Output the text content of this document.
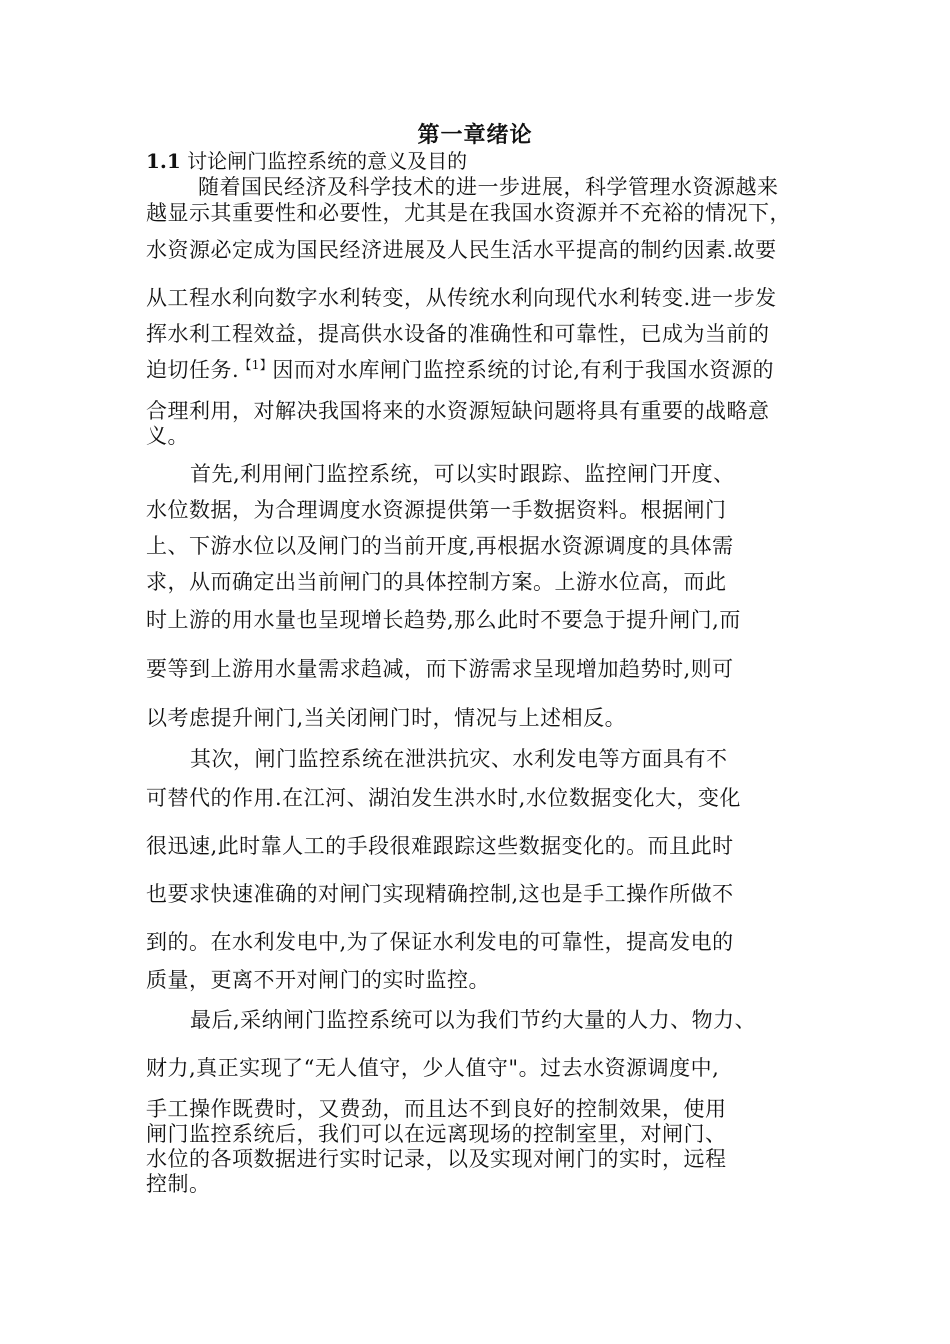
第一章绪论
1.1 讨论闸门监控系统的意义及目的
随着国民经济及科学技术的进一步进展，科学管理水资源越来
越显示其重要性和必要性，尤其是在我国水资源并不充裕的情况下，
水资源必定成为国民经济进展及人民生活水平提高的制约因素.故要
从工程水利向数字水利转变，从传统水利向现代水利转变.进一步发
挥水利工程效益，提高供水设备的准确性和可靠性，已成为当前的
迫切任务.$^{【1】}$因而对水库闸门监控系统的讨论,有利于我国水资源的
合理利用，对解决我国将来的水资源短缺问题将具有重要的战略意
义。
首先,利用闸门监控系统，可以实时跟踪、监控闸门开度、
水位数据，为合理调度水资源提供第一手数据资料。根据闸门
上、下游水位以及闸门的当前开度,再根据水资源调度的具体需
求，从而确定出当前闸门的具体控制方案。上游水位高，而此
时上游的用水量也呈现增长趋势,那么此时不要急于提升闸门,而
要等到上游用水量需求趋减，而下游需求呈现增加趋势时,则可
以考虑提升闸门,当关闭闸门时，情况与上述相反。
其次，闸门监控系统在泄洪抗灾、水利发电等方面具有不
可替代的作用.在江河、湖泊发生洪水时,水位数据变化大，变化
很迅速,此时靠人工的手段很难跟踪这些数据变化的。而且此时
也要求快速准确的对闸门实现精确控制,这也是手工操作所做不
到的。在水利发电中,为了保证水利发电的可靠性，提高发电的
质量，更离不开对闸门的实时监控。
最后,采纳闸门监控系统可以为我们节约大量的人力、物力、
财力,真正实现了“无人值守，少人值守"。过去水资源调度中,
手工操作既费时，又费劲，而且达不到良好的控制效果，使用
闸门监控系统后，我们可以在远离现场的控制室里，对闸门、
水位的各项数据进行实时记录，以及实现对闸门的实时，远程
控制。
